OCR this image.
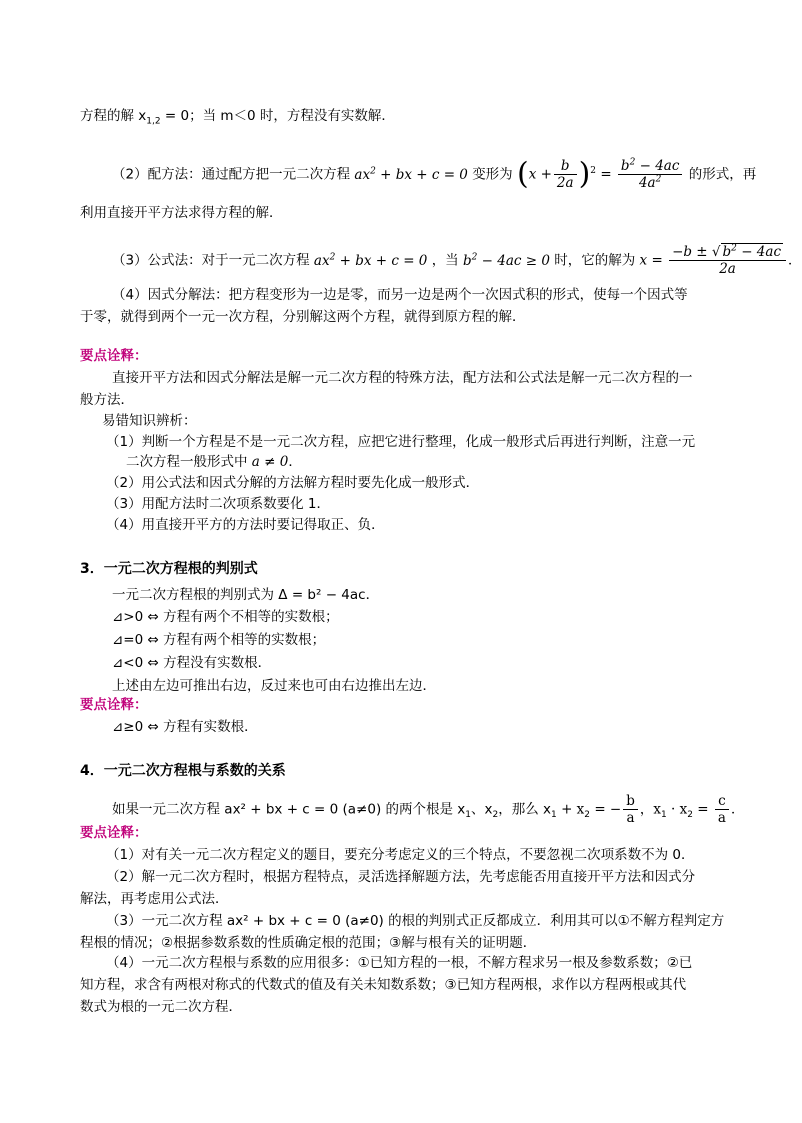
方程的解 $x_{1,2} = 0$；当 m＜0 时，方程没有实数解．
（2）配方法：通过配方把一元二次方程 $ax^2$ + bx + c = 0 变形为 $(x + \frac{b}{2a} )^2 = \frac{b^2 - 4ac}{4a^2}$ 的形式，再
利用直接开平方法求得方程的解．
（3）公式法：对于一元二次方程 $ax^2$ + bx + c = 0 ，当 $b^2 - 4ac \ge 0$ 时，它的解为 $x = \frac{-b \pm √ b^2 - 4ac}{2a}$ ．
（4）因式分解法：把方程变形为一边是零，而另一边是两个一次因式积的形式，使每一个因式等
于零，就得到两个一元一次方程，分别解这两个方程，就得到原方程的解．
要点诠释：
直接开平方法和因式分解法是解一元二次方程的特殊方法，配方法和公式法是解一元二次方程的一
般方法．
易错知识辨析：
（1）判断一个方程是不是一元二次方程，应把它进行整理，化成一般形式后再进行判断，注意一元
二次方程一般形式中 a ≠ 0．
（2）用公式法和因式分解的方法解方程时要先化成一般形式．
（3）用配方法时二次项系数要化 1．
（4）用直接开平方的方法时要记得取正、负．
3．一元二次方程根的判别式
一元二次方程根的判别式为 Δ = b² − 4ac．
⊿>0 ⇔ 方程有两个不相等的实数根；
⊿=0 ⇔ 方程有两个相等的实数根；
⊿<0 ⇔ 方程没有实数根．
上述由左边可推出右边，反过来也可由右边推出左边．
要点诠释：
⊿≥0 ⇔ 方程有实数根．
4．一元二次方程根与系数的关系
如果一元二次方程 ax² + bx + c = 0 (a≠0) 的两个根是 $x_1$、$x_2$，那么 $x_1 + x_2$ = − $\frac{b}{a}$ ，$x_1 \cdot x_2 = \frac{c}{a}$ ．
要点诠释：
（1）对有关一元二次方程定义的题目，要充分考虑定义的三个特点，不要忽视二次项系数不为 0．
（2）解一元二次方程时，根据方程特点，灵活选择解题方法，先考虑能否用直接开平方法和因式分
解法，再考虑用公式法．
（3）一元二次方程 ax² + bx + c = 0 (a≠0) 的根的判别式正反都成立．利用其可以①不解方程判定方
程根的情况；②根据参数系数的性质确定根的范围；③解与根有关的证明题．
（4）一元二次方程根与系数的应用很多：①已知方程的一根，不解方程求另一根及参数系数；②已
知方程，求含有两根对称式的代数式的值及有关未知数系数；③已知方程两根，求作以方程两根或其代
数式为根的一元二次方程．
